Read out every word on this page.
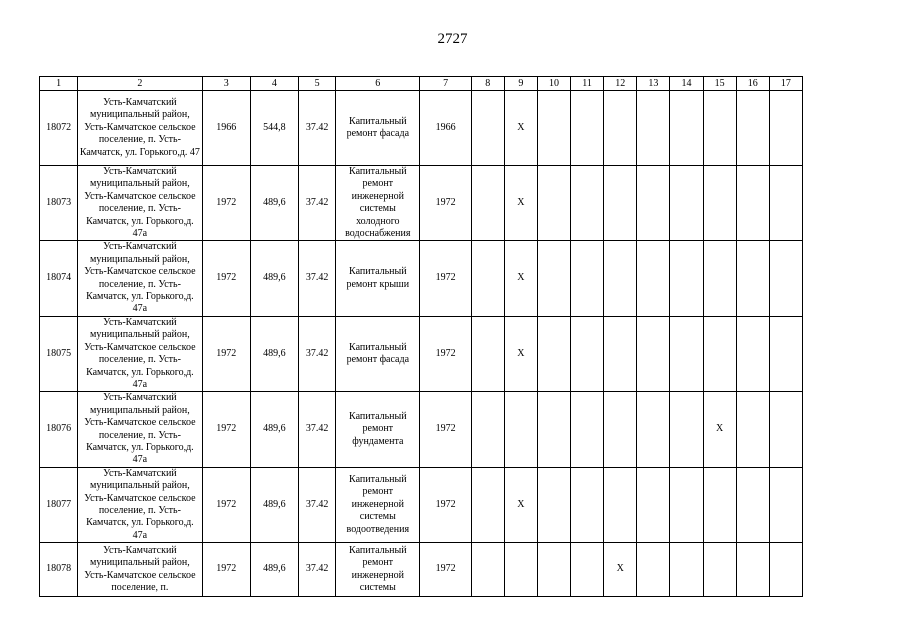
2727
1	2	3	4	5	6	7	8	9	10	11	12	13	14	15	16	17
18072	Усть-Камчатский муниципальный район, Усть-Камчатское сельское поселение, п. Усть-Камчатск, ул. Горького,д. 47	1966	544,8	37.42	Капитальный ремонт фасада	1966		Х								
18073	Усть-Камчатский муниципальный район, Усть-Камчатское сельское поселение, п. Усть-Камчатск, ул. Горького,д. 47а	1972	489,6	37.42	Капитальный ремонт инженерной системы холодного водоснабжения	1972		Х								
18074	Усть-Камчатский муниципальный район, Усть-Камчатское сельское поселение, п. Усть-Камчатск, ул. Горького,д. 47а	1972	489,6	37.42	Капитальный ремонт крыши	1972		Х								
18075	Усть-Камчатский муниципальный район, Усть-Камчатское сельское поселение, п. Усть-Камчатск, ул. Горького,д. 47а	1972	489,6	37.42	Капитальный ремонт фасада	1972		Х								
18076	Усть-Камчатский муниципальный район, Усть-Камчатское сельское поселение, п. Усть-Камчатск, ул. Горького,д. 47а	1972	489,6	37.42	Капитальный ремонт фундамента	1972								Х		
18077	Усть-Камчатский муниципальный район, Усть-Камчатское сельское поселение, п. Усть-Камчатск, ул. Горького,д. 47а	1972	489,6	37.42	Капитальный ремонт инженерной системы водоотведения	1972		Х								
18078	Усть-Камчатский муниципальный район, Усть-Камчатское сельское поселение, п.	1972	489,6	37.42	Капитальный ремонт инженерной системы	1972					Х					
